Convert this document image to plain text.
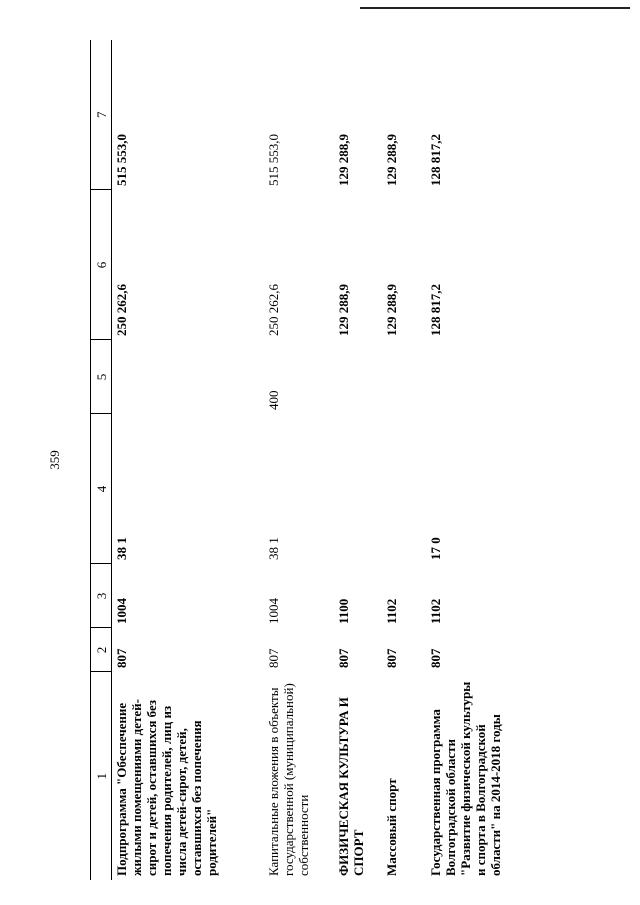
359
1	2	3	4	5	6	7
Подпрограмма "Обеспечение жилыми помещениями детей-сирот и детей, оставшихся без попечения родителей, лиц из числа детей-сирот, детей, оставшихся без попечения родителей"	807	1004	38 1		250 262,6	515 553,0
Капитальные вложения в объекты государственной (муниципальной) собственности	807	1004	38 1	400	250 262,6	515 553,0
ФИЗИЧЕСКАЯ КУЛЬТУРА И СПОРТ	807	1100			129 288,9	129 288,9
Массовый спорт	807	1102			129 288,9	129 288,9
Государственная программа Волгоградской области "Развитие физической культуры и спорта в Волгоградской области" на 2014-2018 годы	807	1102	17 0		128 817,2	128 817,2
